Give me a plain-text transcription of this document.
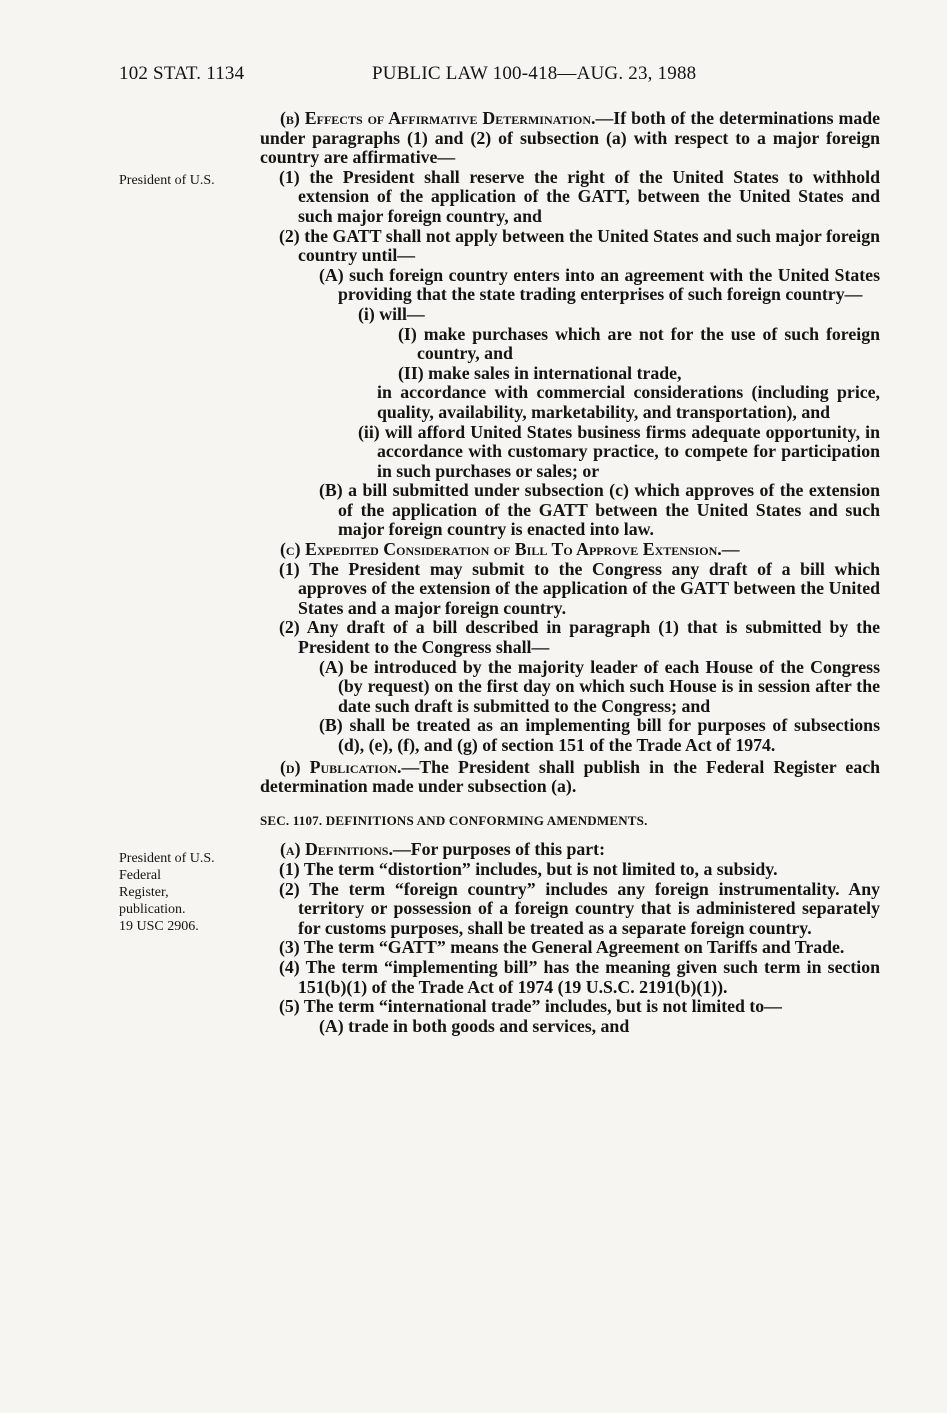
102 STAT. 1134	PUBLIC LAW 100-418—AUG. 23, 1988
President of U.S.
President of U.S.
Federal
Register,
publication.
19 USC 2906.

(b) Effects of Affirmative Determination.—If both of the determinations made under paragraphs (1) and (2) of subsection (a) with respect to a major foreign country are affirmative—

(1) the President shall reserve the right of the United States to withhold extension of the application of the GATT, between the United States and such major foreign country, and

(2) the GATT shall not apply between the United States and such major foreign country until—

(A) such foreign country enters into an agreement with the United States providing that the state trading enterprises of such foreign country—

(i) will—

(I) make purchases which are not for the use of such foreign country, and

(II) make sales in international trade,

in accordance with commercial considerations (including price, quality, availability, marketability, and transportation), and

(ii) will afford United States business firms adequate opportunity, in accordance with customary practice, to compete for participation in such purchases or sales; or

(B) a bill submitted under subsection (c) which approves of the extension of the application of the GATT between the United States and such major foreign country is enacted into law.

(c) Expedited Consideration of Bill To Approve Extension.—

(1) The President may submit to the Congress any draft of a bill which approves of the extension of the application of the GATT between the United States and a major foreign country.

(2) Any draft of a bill described in paragraph (1) that is submitted by the President to the Congress shall—

(A) be introduced by the majority leader of each House of the Congress (by request) on the first day on which such House is in session after the date such draft is submitted to the Congress; and

(B) shall be treated as an implementing bill for purposes of subsections (d), (e), (f), and (g) of section 151 of the Trade Act of 1974.

(d) Publication.—The President shall publish in the Federal Register each determination made under subsection (a).

SEC. 1107. DEFINITIONS AND CONFORMING AMENDMENTS.

(a) Definitions.—For purposes of this part:

(1) The term “distortion” includes, but is not limited to, a subsidy.

(2) The term “foreign country” includes any foreign instrumentality. Any territory or possession of a foreign country that is administered separately for customs purposes, shall be treated as a separate foreign country.

(3) The term “GATT” means the General Agreement on Tariffs and Trade.

(4) The term “implementing bill” has the meaning given such term in section 151(b)(1) of the Trade Act of 1974 (19 U.S.C. 2191(b)(1)).

(5) The term “international trade” includes, but is not limited to—

(A) trade in both goods and services, and
